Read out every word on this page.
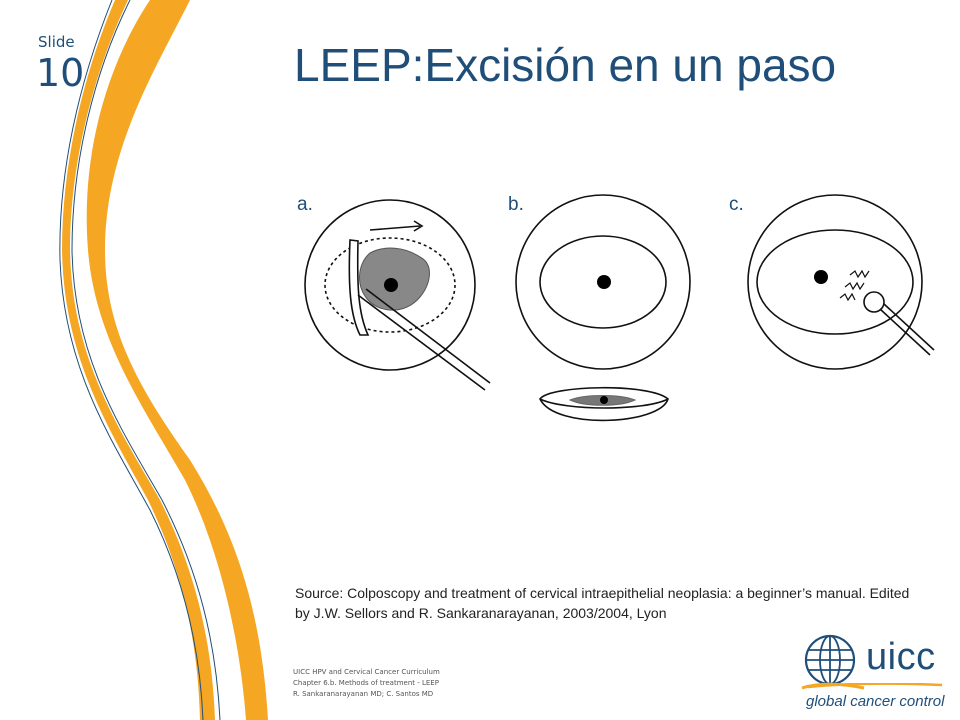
Slide
10	LEEP:Excisión en un paso
a.	b.	c.
Source: Colposcopy and treatment of cervical intraepithelial neoplasia: a beginner’s manual. Edited by J.W. Sellors and R. Sankaranarayanan, 2003/2004, Lyon
UICC HPV and Cervical Cancer Curriculum
Chapter 6.b. Methods of treatment - LEEP
R. Sankaranarayanan MD; C. Santos MD
uicc
global cancer control
